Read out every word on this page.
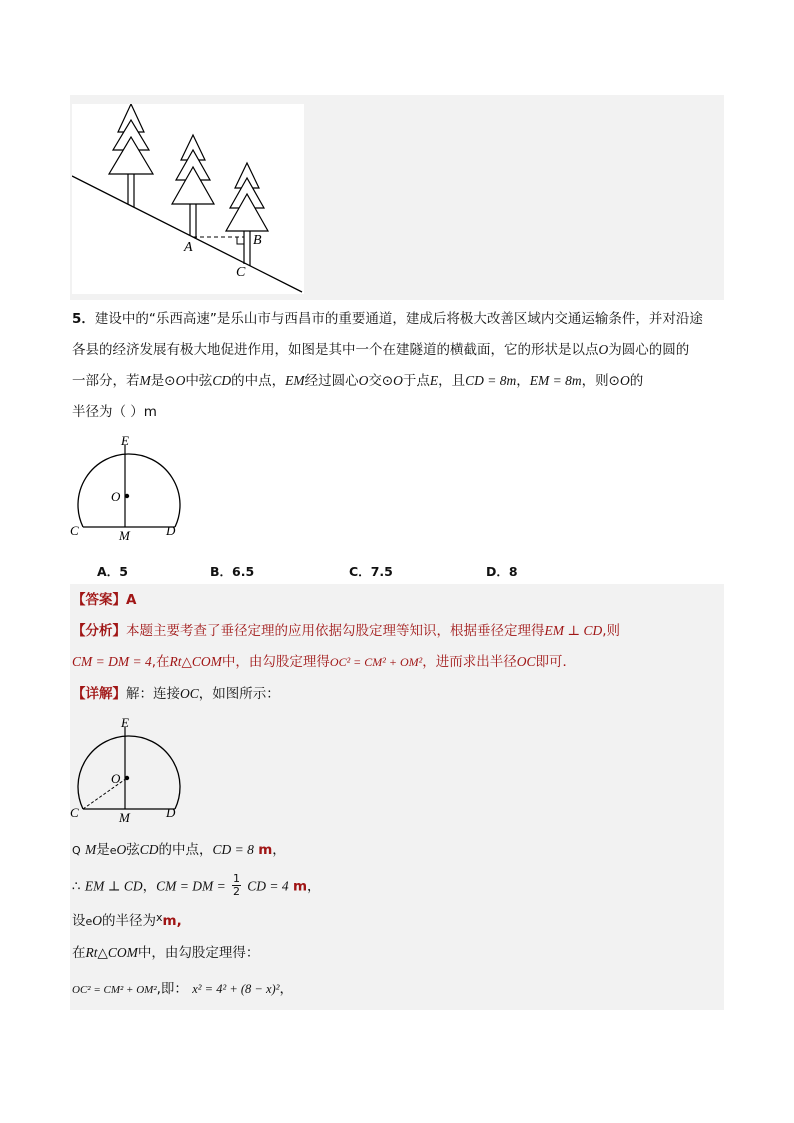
A	B
C
5．建设中的“乐西高速”是乐山市与西昌市的重要通道，建成后将极大改善区域内交通运输条件，并对沿途
各县的经济发展有极大地促进作用，如图是其中一个在建隧道的横截面，它的形状是以点O为圆心的圆的
一部分，若M是⊙O中弦CD的中点，EM经过圆心O交⊙O于点E，且CD = 8m，EM = 8m，则⊙O的
半径为（ ）m
E
O
C	M	D
A．5	B．6.5	C．7.5	D．8
【答案】A
【分析】本题主要考查了垂径定理的应用依据勾股定理等知识，根据垂径定理得EM ⊥ CD,则
CM = DM = 4,在Rt△COM中，由勾股定理得OC² = CM² + OM²，进而求出半径OC即可．
【详解】解：连接OC，如图所示：
E
O
C	M	D
Q M是eO弦CD的中点，CD = 8 m，
∴ EM ⊥ CD，CM = DM = $\frac{1}{2}$ CD = 4 m，
设eO的半径为$^x$m,
在Rt△COM中，由勾股定理得：
OC² = CM² + OM²,即： x² = 4² + (8 − x)²，
